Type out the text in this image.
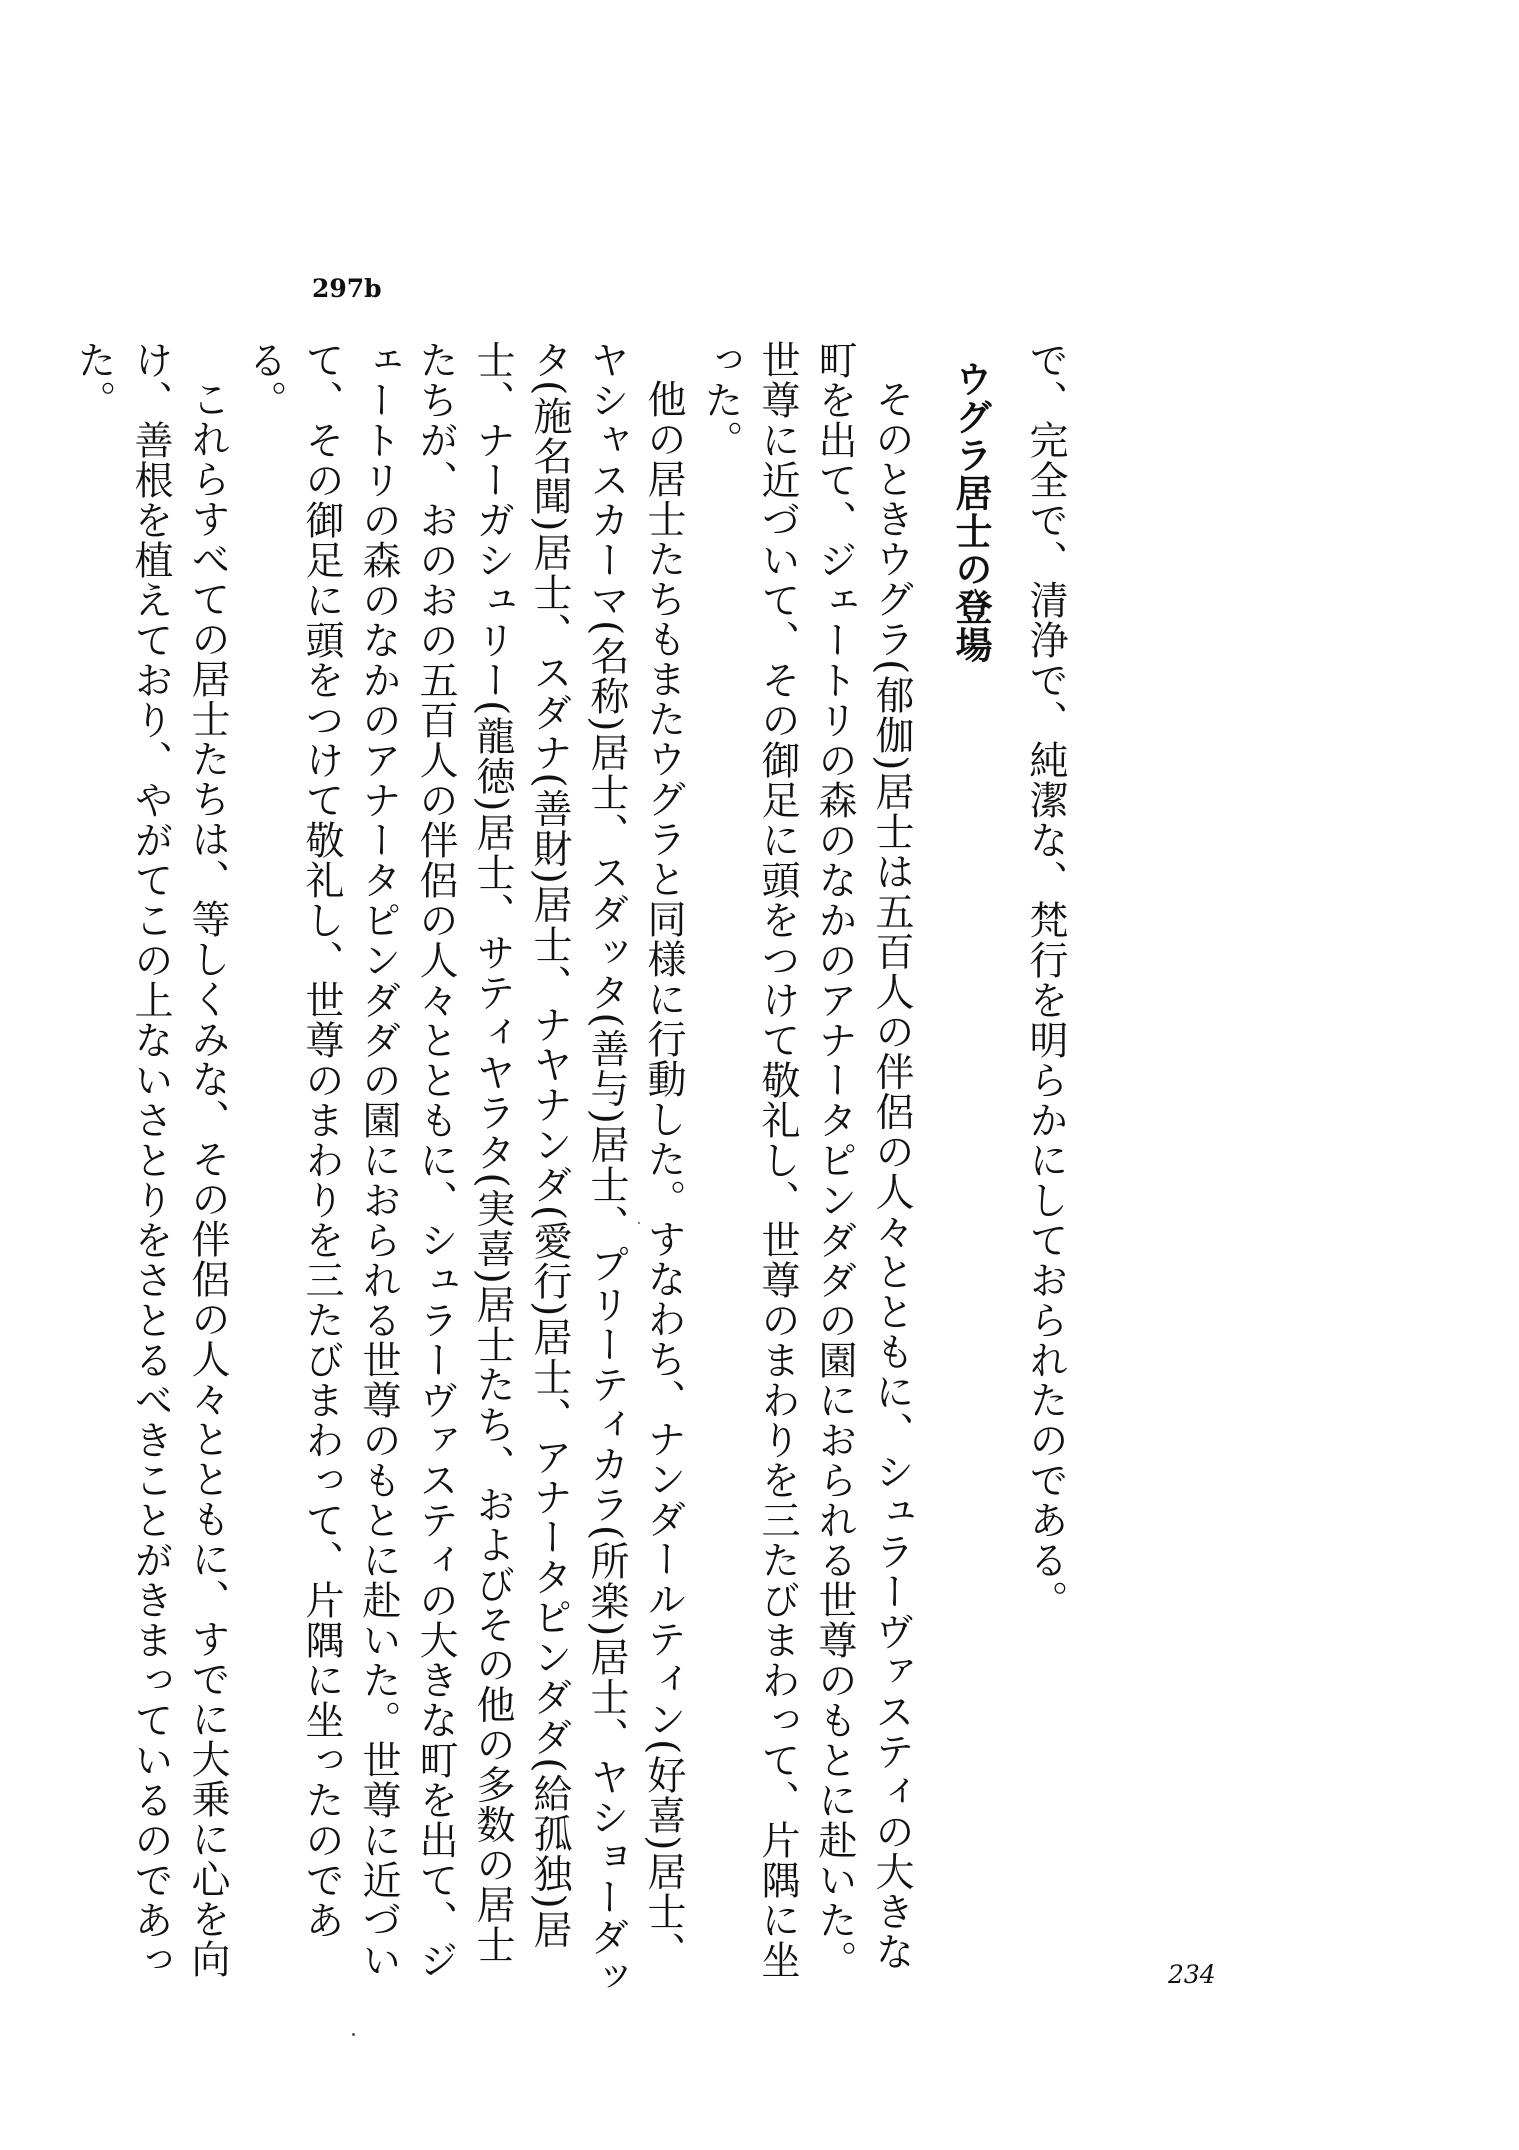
297b

で、完全で、清浄で、純潔な、梵行を明らかにしておられたのである。

ウグラ居士の登場

そのときウグラ(郁伽)居士は五百人の伴侶の人々とともに、シュラーヴァスティの大きな町を出て、ジェートリの森のなかのアナータピンダダの園におられる世尊のもとに赴いた。世尊に近づいて、その御足に頭をつけて敬礼し、世尊のまわりを三たびまわって、片隅に坐った。

他の居士たちもまたウグラと同様に行動した。すなわち、ナンダールティン(好喜)居士、ヤシャスカーマ(名称)居士、スダッタ(善与)居士、プリーティカラ(所楽)居士、ヤショーダッタ(施名聞)居士、スダナ(善財)居士、ナヤナンダ(愛行)居士、アナータピンダダ(給孤独)居士、ナーガシュリー(龍徳)居士、サティヤラタ(実喜)居士たち、およびその他の多数の居士たちが、おのおの五百人の伴侶の人々とともに、シュラーヴァスティの大きな町を出て、ジェートリの森のなかのアナータピンダダの園におられる世尊のもとに赴いた。世尊に近づいて、その御足に頭をつけて敬礼し、世尊のまわりを三たびまわって、片隅に坐ったのである。

これらすべての居士たちは、等しくみな、その伴侶の人々とともに、すでに大乗に心を向け、善根を植えており、やがてこの上ないさとりをさとるべきことがきまっているのであった。

234
